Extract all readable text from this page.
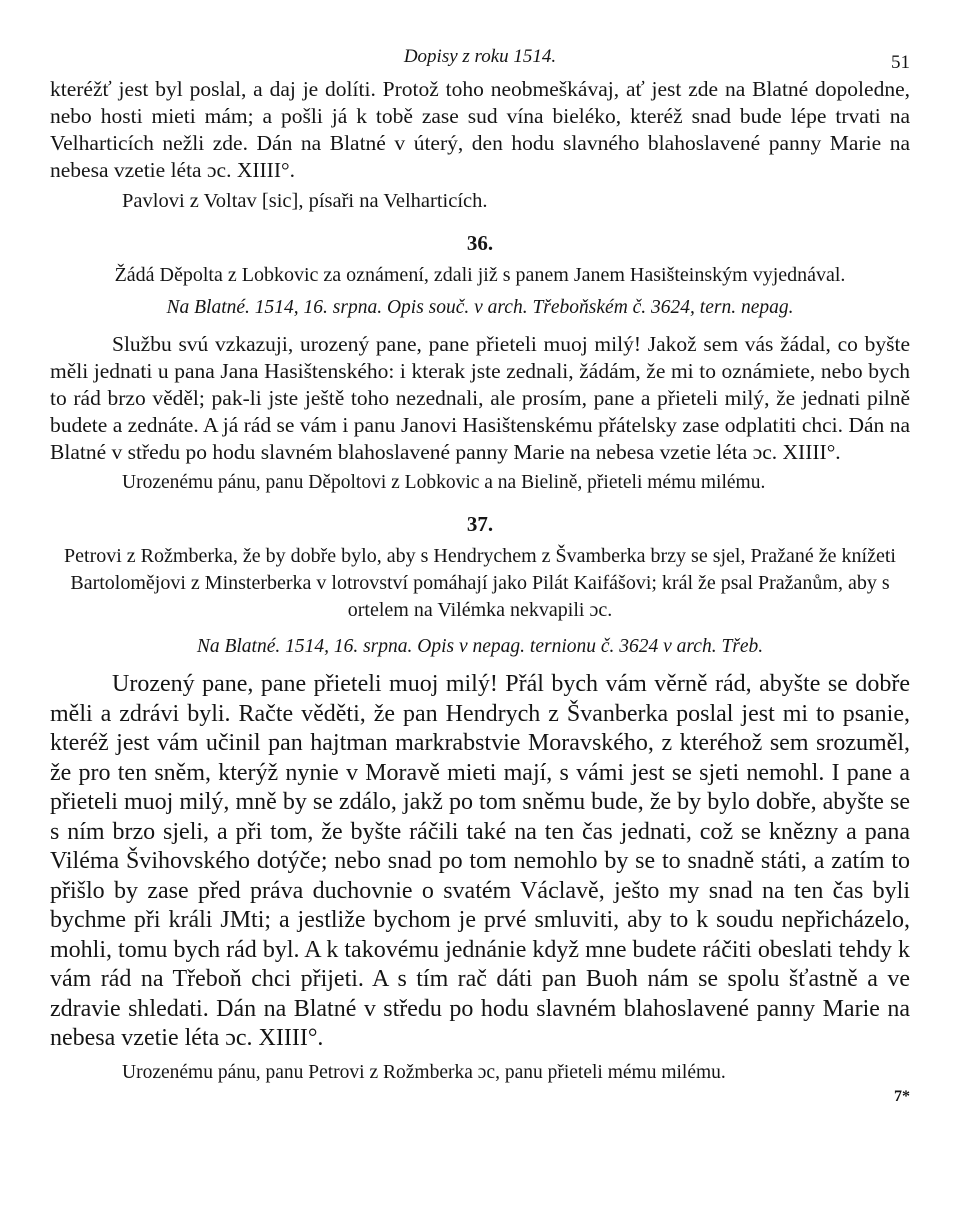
Dopisy z roku 1514.	51

kteréžť jest byl poslal, a daj je dolíti. Protož toho neobmeškávaj, ať jest zde na Blatné dopoledne, nebo hosti mieti mám; a pošli já k tobě zase sud vína bieléko, kteréž snad bude lépe trvati na Velharticích nežli zde. Dán na Blatné v úterý, den hodu slavného blahoslavené panny Marie na nebesa vzetie léta ɔc. XIIII°.

Pavlovi z Voltav [sic], písaři na Velharticích.

36.

Žádá Děpolta z Lobkovic za oznámení, zdali již s panem Janem Hasišteinským vyjednával.

Na Blatné. 1514, 16. srpna. Opis souč. v arch. Třeboňském č. 3624, tern. nepag.

Službu svú vzkazuji, urozený pane, pane přieteli muoj milý! Jakož sem vás žádal, co byšte měli jednati u pana Jana Hasištenského: i kterak jste zednali, žádám, že mi to oznámiete, nebo bych to rád brzo věděl; pak-li jste ještě toho nezednali, ale prosím, pane a přieteli milý, že jednati pilně budete a zednáte. A já rád se vám i panu Janovi Hasištenskému přátelsky zase odplatiti chci. Dán na Blatné v středu po hodu slavném blahoslavené panny Marie na nebesa vzetie léta ɔc. XIIII°.

Urozenému pánu, panu Děpoltovi z Lobkovic a na Bielině, přieteli mému milému.

37.

Petrovi z Rožmberka, že by dobře bylo, aby s Hendrychem z Švamberka brzy se sjel, Pražané že knížeti Bartolomějovi z Minsterberka v lotrovství pomáhají jako Pilát Kaifášovi; král že psal Pražanům, aby s ortelem na Vilémka nekvapili ɔc.

Na Blatné. 1514, 16. srpna. Opis v nepag. ternionu č. 3624 v arch. Třeb.

Urozený pane, pane přieteli muoj milý! Přál bych vám věrně rád, abyšte se dobře měli a zdrávi byli. Račte věděti, že pan Hendrych z Švanberka poslal jest mi to psanie, kteréž jest vám učinil pan hajtman markrabstvie Moravského, z kteréhož sem srozuměl, že pro ten sněm, kterýž nynie v Moravě mieti mají, s vámi jest se sjeti nemohl. I pane a přieteli muoj milý, mně by se zdálo, jakž po tom sněmu bude, že by bylo dobře, abyšte se s ním brzo sjeli, a při tom, že byšte ráčili také na ten čas jednati, což se knězny a pana Viléma Švihovského dotýče; nebo snad po tom nemohlo by se to snadně státi, a zatím to přišlo by zase před práva duchovnie o svatém Václavě, ješto my snad na ten čas byli bychme při králi JMti; a jestliže bychom je prvé smluviti, aby to k soudu nepřicházelo, mohli, tomu bych rád byl. A k takovému jednánie když mne budete ráčiti obeslati tehdy k vám rád na Třeboň chci přijeti. A s tím rač dáti pan Buoh nám se spolu šťastně a ve zdravie shledati. Dán na Blatné v středu po hodu slavném blahoslavené panny Marie na nebesa vzetie léta ɔc. XIIII°.

Urozenému pánu, panu Petrovi z Rožmberka ɔc, panu přieteli mému milému.

7*
